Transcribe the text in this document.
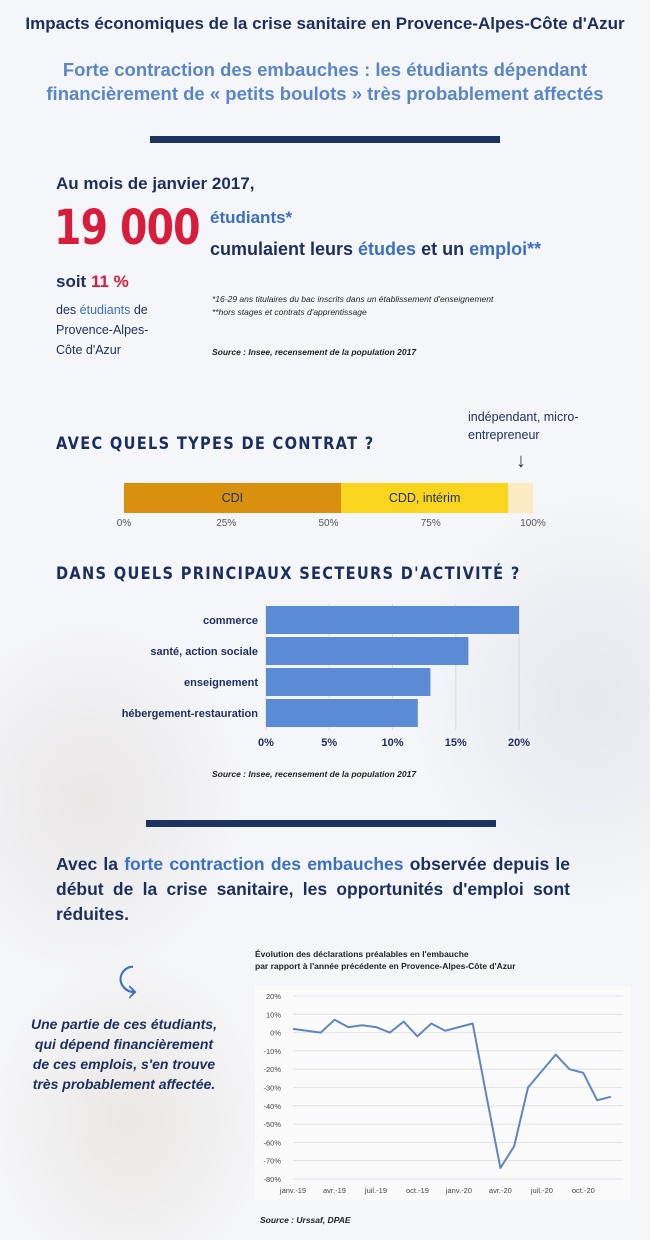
Impacts économiques de la crise sanitaire en Provence-Alpes-Côte d'Azur
Forte contraction des embauches : les étudiants dépendant
financièrement de « petits boulots » très probablement affectés
Au mois de janvier 2017,
19 000 étudiants*
cumulaient leurs études et un emploi**
soit 11 %
des étudiants de
Provence-Alpes-
Côte d'Azur
*16-29 ans titulaires du bac inscrits dans un établissement d'enseignement
**hors stages et contrats d'apprentissage
Source : Insee, recensement de la population 2017
indépendant, micro-entrepreneur
↓
AVEC QUELS TYPES DE CONTRAT ?
CDI	CDD, intérim
0%	25%	50%	75%	100%
DANS QUELS PRINCIPAUX SECTEURS D'ACTIVITÉ ?
0%	5%	10%	15%	20%
commerce
santé, action sociale
enseignement
hébergement-restauration
Source : Insee, recensement de la population 2017
Avec la forte contraction des embauches observée depuis le début de la crise sanitaire, les opportunités d'emploi sont réduites.
⤹
Une partie de ces étudiants, qui dépend financièrement de ces emplois, s'en trouve très probablement affectée.
Évolution des déclarations préalables en l'embauche
par rapport à l'année précédente en Provence-Alpes-Côte d'Azur
20%
10%
0%
-10%
-20%
-30%
-40%
-50%
-60%
-70%
-80%
janv.-19 avr.-19	juil.-19	oct.-19 janv.-20 avr.-20	juil.-20	oct.-20
Source : Urssaf, DPAE
